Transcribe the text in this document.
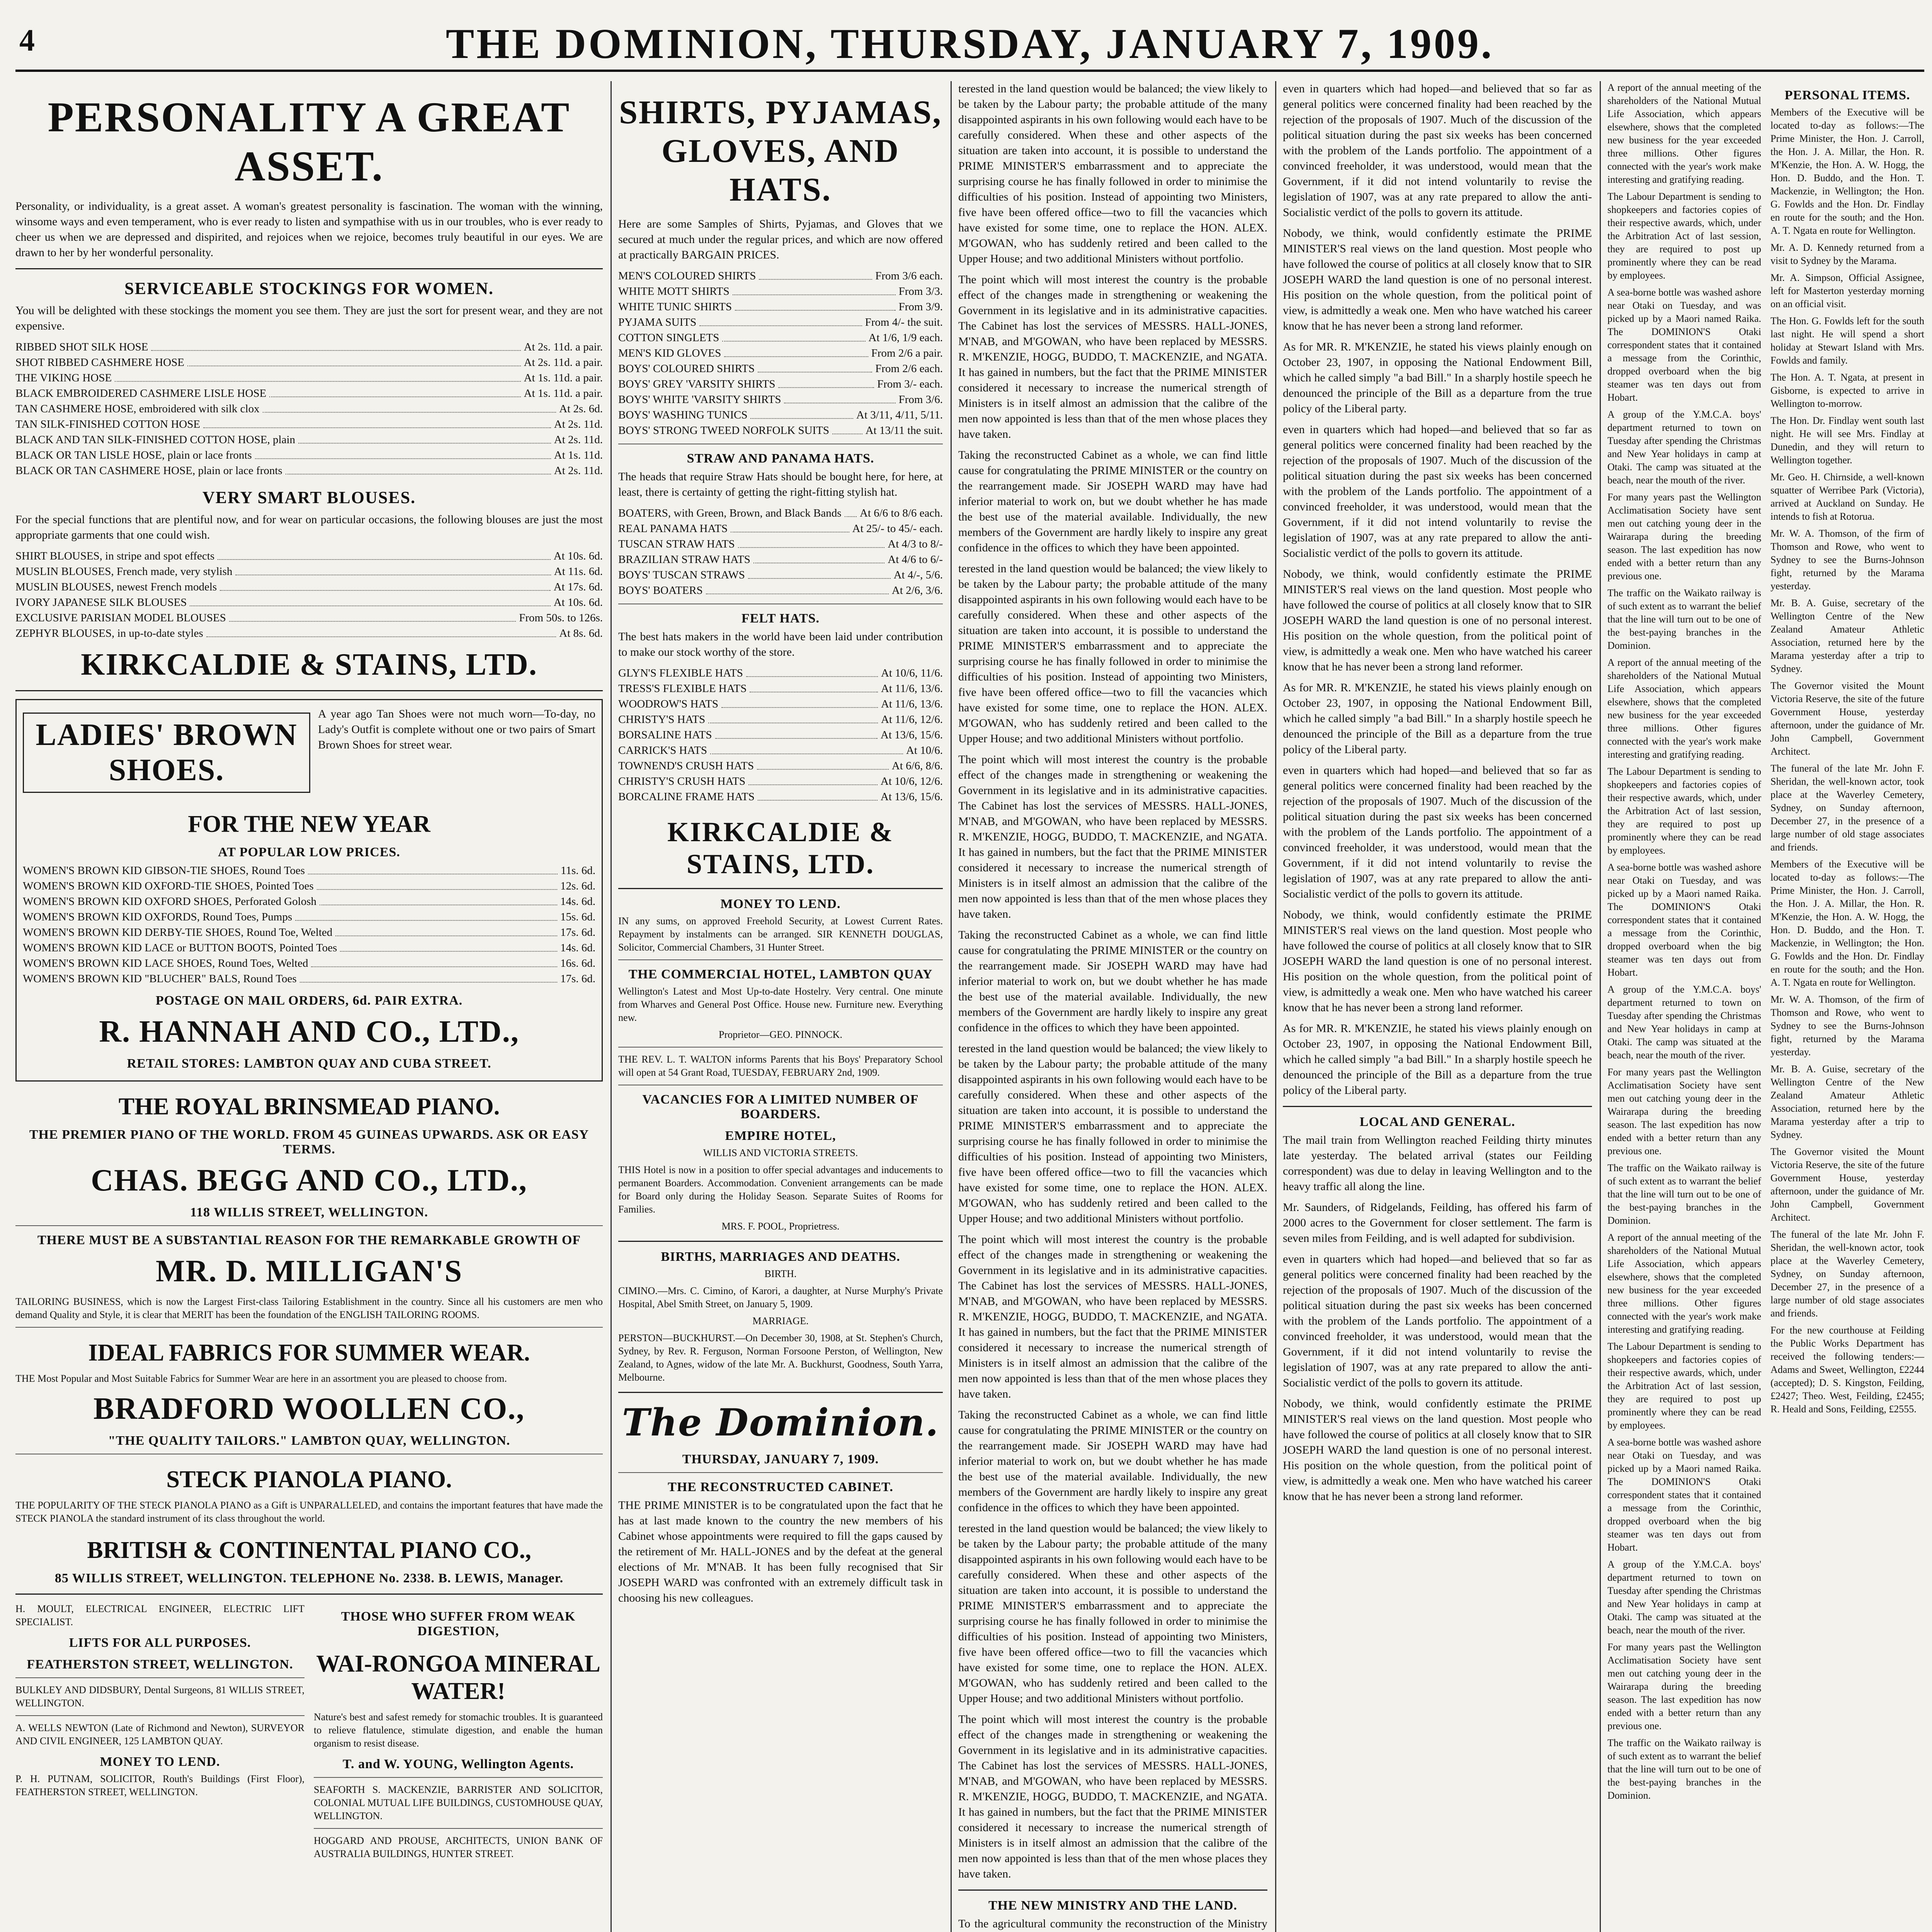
4	THE DOMINION, THURSDAY, JANUARY 7, 1909.
PERSONALITY A GREAT ASSET.

Personality, or individuality, is a great asset. A woman's greatest personality is fascination. The woman with the winning, winsome ways and even temperament, who is ever ready to listen and sympathise with us in our troubles, who is ever ready to cheer us when we are depressed and dispirited, and rejoices when we rejoice, becomes truly beautiful in our eyes. We are drawn to her by her wonderful personality.

SERVICEABLE STOCKINGS FOR WOMEN.

You will be delighted with these stockings the moment you see them. They are just the sort for present wear, and they are not expensive.

RIBBED SHOT SILK HOSE	At 2s. 11d. a pair.
SHOT RIBBED CASHMERE HOSE	At 2s. 11d. a pair.
THE VIKING HOSE	At 1s. 11d. a pair.
BLACK EMBROIDERED CASHMERE LISLE HOSE	At 1s. 11d. a pair.
TAN CASHMERE HOSE, embroidered with silk clox	At 2s. 6d.
TAN SILK-FINISHED COTTON HOSE	At 2s. 11d.
BLACK AND TAN SILK-FINISHED COTTON HOSE, plain	At 2s. 11d.
BLACK OR TAN LISLE HOSE, plain or lace fronts	At 1s. 11d.
BLACK OR TAN CASHMERE HOSE, plain or lace fronts	At 2s. 11d.
VERY SMART BLOUSES.

For the special functions that are plentiful now, and for wear on particular occasions, the following blouses are just the most appropriate garments that one could wish.

SHIRT BLOUSES, in stripe and spot effects	At 10s. 6d.
MUSLIN BLOUSES, French made, very stylish	At 11s. 6d.
MUSLIN BLOUSES, newest French models	At 17s. 6d.
IVORY JAPANESE SILK BLOUSES	At 10s. 6d.
EXCLUSIVE PARISIAN MODEL BLOUSES	From 50s. to 126s.
ZEPHYR BLOUSES, in up-to-date styles	At 8s. 6d.
KIRKCALDIE & STAINS, LTD.
LADIES' BROWN SHOES.

A year ago Tan Shoes were not much worn—To-day, no Lady's Outfit is complete without one or two pairs of Smart Brown Shoes for street wear.

FOR THE NEW YEAR
AT POPULAR LOW PRICES.
WOMEN'S BROWN KID GIBSON-TIE SHOES, Round Toes	11s. 6d.
WOMEN'S BROWN KID OXFORD-TIE SHOES, Pointed Toes	12s. 6d.
WOMEN'S BROWN KID OXFORD SHOES, Perforated Golosh	14s. 6d.
WOMEN'S BROWN KID OXFORDS, Round Toes, Pumps	15s. 6d.
WOMEN'S BROWN KID DERBY-TIE SHOES, Round Toe, Welted	17s. 6d.
WOMEN'S BROWN KID LACE or BUTTON BOOTS, Pointed Toes	14s. 6d.
WOMEN'S BROWN KID LACE SHOES, Round Toes, Welted	16s. 6d.
WOMEN'S BROWN KID "BLUCHER" BALS, Round Toes	17s. 6d.
POSTAGE ON MAIL ORDERS, 6d. PAIR EXTRA.
R. HANNAH AND CO., LTD.,
RETAIL STORES: LAMBTON QUAY AND CUBA STREET.
THE ROYAL BRINSMEAD PIANO.
THE PREMIER PIANO OF THE WORLD. FROM 45 GUINEAS UPWARDS. ASK OR EASY TERMS.
CHAS. BEGG AND CO., LTD.,
118 WILLIS STREET, WELLINGTON.
THERE MUST BE A SUBSTANTIAL REASON FOR THE REMARKABLE GROWTH OF
MR. D. MILLIGAN'S

TAILORING BUSINESS, which is now the Largest First-class Tailoring Establishment in the country. Since all his customers are men who demand Quality and Style, it is clear that MERIT has been the foundation of the ENGLISH TAILORING ROOMS.

IDEAL FABRICS FOR SUMMER WEAR.

THE Most Popular and Most Suitable Fabrics for Summer Wear are here in an assortment you are pleased to choose from.

BRADFORD WOOLLEN CO.,
"THE QUALITY TAILORS." LAMBTON QUAY, WELLINGTON.
STECK PIANOLA PIANO.

THE POPULARITY OF THE STECK PIANOLA PIANO as a Gift is UNPARALLELED, and contains the important features that have made the STECK PIANOLA the standard instrument of its class throughout the world.

BRITISH & CONTINENTAL PIANO CO.,
85 WILLIS STREET, WELLINGTON. TELEPHONE No. 2338. B. LEWIS, Manager.

H. MOULT, ELECTRICAL ENGINEER, ELECTRIC LIFT SPECIALIST.

LIFTS FOR ALL PURPOSES.
FEATHERSTON STREET, WELLINGTON.

BULKLEY AND DIDSBURY, Dental Surgeons, 81 WILLIS STREET, WELLINGTON.

A. WELLS NEWTON (Late of Richmond and Newton), SURVEYOR AND CIVIL ENGINEER, 125 LAMBTON QUAY.

MONEY TO LEND.

P. H. PUTNAM, SOLICITOR, Routh's Buildings (First Floor), FEATHERSTON STREET, WELLINGTON.

THOSE WHO SUFFER FROM WEAK DIGESTION,
WAI-RONGOA MINERAL WATER!

Nature's best and safest remedy for stomachic troubles. It is guaranteed to relieve flatulence, stimulate digestion, and enable the human organism to resist disease.

T. and W. YOUNG, Wellington Agents.

SEAFORTH S. MACKENZIE, BARRISTER AND SOLICITOR, COLONIAL MUTUAL LIFE BUILDINGS, CUSTOMHOUSE QUAY, WELLINGTON.

HOGGARD AND PROUSE, ARCHITECTS, UNION BANK OF AUSTRALIA BUILDINGS, HUNTER STREET.

SHIRTS, PYJAMAS, GLOVES, AND HATS.

Here are some Samples of Shirts, Pyjamas, and Gloves that we secured at much under the regular prices, and which are now offered at practically BARGAIN PRICES.

MEN'S COLOURED SHIRTS	From 3/6 each.
WHITE MOTT SHIRTS	From 3/3.
WHITE TUNIC SHIRTS	From 3/9.
PYJAMA SUITS	From 4/- the suit.
COTTON SINGLETS	At 1/6, 1/9 each.
MEN'S KID GLOVES	From 2/6 a pair.
BOYS' COLOURED SHIRTS	From 2/6 each.
BOYS' GREY 'VARSITY SHIRTS	From 3/- each.
BOYS' WHITE 'VARSITY SHIRTS	From 3/6.
BOYS' WASHING TUNICS	At 3/11, 4/11, 5/11.
BOYS' STRONG TWEED NORFOLK SUITS	At 13/11 the suit.
STRAW AND PANAMA HATS.

The heads that require Straw Hats should be bought here, for here, at least, there is certainty of getting the right-fitting stylish hat.

BOATERS, with Green, Brown, and Black Bands At 6/6 to 8/6 each.
REAL PANAMA HATS	At 25/- to 45/- each.
TUSCAN STRAW HATS	At 4/3 to 8/-
BRAZILIAN STRAW HATS	At 4/6 to 6/-
BOYS' TUSCAN STRAWS	At 4/-, 5/6.
BOYS' BOATERS	At 2/6, 3/6.
FELT HATS.

The best hats makers in the world have been laid under contribution to make our stock worthy of the store.

GLYN'S FLEXIBLE HATS	At 10/6, 11/6.
TRESS'S FLEXIBLE HATS	At 11/6, 13/6.
WOODROW'S HATS	At 11/6, 13/6.
CHRISTY'S HATS	At 11/6, 12/6.
BORSALINE HATS	At 13/6, 15/6.
CARRICK'S HATS	At 10/6.
TOWNEND'S CRUSH HATS	At 6/6, 8/6.
CHRISTY'S CRUSH HATS	At 10/6, 12/6.
BORCALINE FRAME HATS	At 13/6, 15/6.
KIRKCALDIE & STAINS, LTD.
MONEY TO LEND.

IN any sums, on approved Freehold Security, at Lowest Current Rates. Repayment by instalments can be arranged. SIR KENNETH DOUGLAS, Solicitor, Commercial Chambers, 31 Hunter Street.

THE COMMERCIAL HOTEL, LAMBTON QUAY

Wellington's Latest and Most Up-to-date Hostelry. Very central. One minute from Wharves and General Post Office. House new. Furniture new. Everything new.

Proprietor—GEO. PINNOCK.

THE REV. L. T. WALTON informs Parents that his Boys' Preparatory School will open at 54 Grant Road, TUESDAY, FEBRUARY 2nd, 1909.

VACANCIES FOR A LIMITED NUMBER OF BOARDERS.
EMPIRE HOTEL,
WILLIS AND VICTORIA STREETS.

THIS Hotel is now in a position to offer special advantages and inducements to permanent Boarders. Accommodation. Convenient arrangements can be made for Board only during the Holiday Season. Separate Suites of Rooms for Families.

MRS. F. POOL, Proprietress.
BIRTHS, MARRIAGES AND DEATHS.
BIRTH.

CIMINO.—Mrs. C. Cimino, of Karori, a daughter, at Nurse Murphy's Private Hospital, Abel Smith Street, on January 5, 1909.

MARRIAGE.

PERSTON—BUCKHURST.—On December 30, 1908, at St. Stephen's Church, Sydney, by Rev. R. Ferguson, Norman Forsoone Perston, of Wellington, New Zealand, to Agnes, widow of the late Mr. A. Buckhurst, Goodness, South Yarra, Melbourne.

The Dominion.
THURSDAY, JANUARY 7, 1909.
THE RECONSTRUCTED CABINET.

THE PRIME MINISTER is to be congratulated upon the fact that he has at last made known to the country the new members of his Cabinet whose appointments were required to fill the gaps caused by the retirement of Mr. HALL-JONES and by the defeat at the general elections of Mr. M'NAB. It has been fully recognised that Sir JOSEPH WARD was confronted with an extremely difficult task in choosing his new colleagues.

terested in the land question would be balanced; the view likely to be taken by the Labour party; the probable attitude of the many disappointed aspirants in his own following would each have to be carefully considered. When these and other aspects of the situation are taken into account, it is possible to understand the PRIME MINISTER'S embarrassment and to appreciate the surprising course he has finally followed in order to minimise the difficulties of his position. Instead of appointing two Ministers, five have been offered office—two to fill the vacancies which have existed for some time, one to replace the HON. ALEX. M'GOWAN, who has suddenly retired and been called to the Upper House; and two additional Ministers without portfolio.

The point which will most interest the country is the probable effect of the changes made in strengthening or weakening the Government in its legislative and in its administrative capacities. The Cabinet has lost the services of MESSRS. HALL-JONES, M'NAB, and M'GOWAN, who have been replaced by MESSRS. R. M'KENZIE, HOGG, BUDDO, T. MACKENZIE, and NGATA. It has gained in numbers, but the fact that the PRIME MINISTER considered it necessary to increase the numerical strength of Ministers is in itself almost an admission that the calibre of the men now appointed is less than that of the men whose places they have taken.

Taking the reconstructed Cabinet as a whole, we can find little cause for congratulating the PRIME MINISTER or the country on the rearrangement made. Sir JOSEPH WARD may have had inferior material to work on, but we doubt whether he has made the best use of the material available. Individually, the new members of the Government are hardly likely to inspire any great confidence in the offices to which they have been appointed.

terested in the land question would be balanced; the view likely to be taken by the Labour party; the probable attitude of the many disappointed aspirants in his own following would each have to be carefully considered. When these and other aspects of the situation are taken into account, it is possible to understand the PRIME MINISTER'S embarrassment and to appreciate the surprising course he has finally followed in order to minimise the difficulties of his position. Instead of appointing two Ministers, five have been offered office—two to fill the vacancies which have existed for some time, one to replace the HON. ALEX. M'GOWAN, who has suddenly retired and been called to the Upper House; and two additional Ministers without portfolio.

The point which will most interest the country is the probable effect of the changes made in strengthening or weakening the Government in its legislative and in its administrative capacities. The Cabinet has lost the services of MESSRS. HALL-JONES, M'NAB, and M'GOWAN, who have been replaced by MESSRS. R. M'KENZIE, HOGG, BUDDO, T. MACKENZIE, and NGATA. It has gained in numbers, but the fact that the PRIME MINISTER considered it necessary to increase the numerical strength of Ministers is in itself almost an admission that the calibre of the men now appointed is less than that of the men whose places they have taken.

Taking the reconstructed Cabinet as a whole, we can find little cause for congratulating the PRIME MINISTER or the country on the rearrangement made. Sir JOSEPH WARD may have had inferior material to work on, but we doubt whether he has made the best use of the material available. Individually, the new members of the Government are hardly likely to inspire any great confidence in the offices to which they have been appointed.

terested in the land question would be balanced; the view likely to be taken by the Labour party; the probable attitude of the many disappointed aspirants in his own following would each have to be carefully considered. When these and other aspects of the situation are taken into account, it is possible to understand the PRIME MINISTER'S embarrassment and to appreciate the surprising course he has finally followed in order to minimise the difficulties of his position. Instead of appointing two Ministers, five have been offered office—two to fill the vacancies which have existed for some time, one to replace the HON. ALEX. M'GOWAN, who has suddenly retired and been called to the Upper House; and two additional Ministers without portfolio.

The point which will most interest the country is the probable effect of the changes made in strengthening or weakening the Government in its legislative and in its administrative capacities. The Cabinet has lost the services of MESSRS. HALL-JONES, M'NAB, and M'GOWAN, who have been replaced by MESSRS. R. M'KENZIE, HOGG, BUDDO, T. MACKENZIE, and NGATA. It has gained in numbers, but the fact that the PRIME MINISTER considered it necessary to increase the numerical strength of Ministers is in itself almost an admission that the calibre of the men now appointed is less than that of the men whose places they have taken.

Taking the reconstructed Cabinet as a whole, we can find little cause for congratulating the PRIME MINISTER or the country on the rearrangement made. Sir JOSEPH WARD may have had inferior material to work on, but we doubt whether he has made the best use of the material available. Individually, the new members of the Government are hardly likely to inspire any great confidence in the offices to which they have been appointed.

terested in the land question would be balanced; the view likely to be taken by the Labour party; the probable attitude of the many disappointed aspirants in his own following would each have to be carefully considered. When these and other aspects of the situation are taken into account, it is possible to understand the PRIME MINISTER'S embarrassment and to appreciate the surprising course he has finally followed in order to minimise the difficulties of his position. Instead of appointing two Ministers, five have been offered office—two to fill the vacancies which have existed for some time, one to replace the HON. ALEX. M'GOWAN, who has suddenly retired and been called to the Upper House; and two additional Ministers without portfolio.

The point which will most interest the country is the probable effect of the changes made in strengthening or weakening the Government in its legislative and in its administrative capacities. The Cabinet has lost the services of MESSRS. HALL-JONES, M'NAB, and M'GOWAN, who have been replaced by MESSRS. R. M'KENZIE, HOGG, BUDDO, T. MACKENZIE, and NGATA. It has gained in numbers, but the fact that the PRIME MINISTER considered it necessary to increase the numerical strength of Ministers is in itself almost an admission that the calibre of the men now appointed is less than that of the men whose places they have taken.

THE NEW MINISTRY AND THE LAND.

To the agricultural community the reconstruction of the Ministry

even in quarters which had hoped—and believed that so far as general politics were concerned finality had been reached by the rejection of the proposals of 1907. Much of the discussion of the political situation during the past six weeks has been concerned with the problem of the Lands portfolio. The appointment of a convinced freeholder, it was understood, would mean that the Government, if it did not intend voluntarily to revise the legislation of 1907, was at any rate prepared to allow the anti-Socialistic verdict of the polls to govern its attitude.

Nobody, we think, would confidently estimate the PRIME MINISTER'S real views on the land question. Most people who have followed the course of politics at all closely know that to SIR JOSEPH WARD the land question is one of no personal interest. His position on the whole question, from the political point of view, is admittedly a weak one. Men who have watched his career know that he has never been a strong land reformer.

As for MR. R. M'KENZIE, he stated his views plainly enough on October 23, 1907, in opposing the National Endowment Bill, which he called simply "a bad Bill." In a sharply hostile speech he denounced the principle of the Bill as a departure from the true policy of the Liberal party.

even in quarters which had hoped—and believed that so far as general politics were concerned finality had been reached by the rejection of the proposals of 1907. Much of the discussion of the political situation during the past six weeks has been concerned with the problem of the Lands portfolio. The appointment of a convinced freeholder, it was understood, would mean that the Government, if it did not intend voluntarily to revise the legislation of 1907, was at any rate prepared to allow the anti-Socialistic verdict of the polls to govern its attitude.

Nobody, we think, would confidently estimate the PRIME MINISTER'S real views on the land question. Most people who have followed the course of politics at all closely know that to SIR JOSEPH WARD the land question is one of no personal interest. His position on the whole question, from the political point of view, is admittedly a weak one. Men who have watched his career know that he has never been a strong land reformer.

As for MR. R. M'KENZIE, he stated his views plainly enough on October 23, 1907, in opposing the National Endowment Bill, which he called simply "a bad Bill." In a sharply hostile speech he denounced the principle of the Bill as a departure from the true policy of the Liberal party.

even in quarters which had hoped—and believed that so far as general politics were concerned finality had been reached by the rejection of the proposals of 1907. Much of the discussion of the political situation during the past six weeks has been concerned with the problem of the Lands portfolio. The appointment of a convinced freeholder, it was understood, would mean that the Government, if it did not intend voluntarily to revise the legislation of 1907, was at any rate prepared to allow the anti-Socialistic verdict of the polls to govern its attitude.

Nobody, we think, would confidently estimate the PRIME MINISTER'S real views on the land question. Most people who have followed the course of politics at all closely know that to SIR JOSEPH WARD the land question is one of no personal interest. His position on the whole question, from the political point of view, is admittedly a weak one. Men who have watched his career know that he has never been a strong land reformer.

As for MR. R. M'KENZIE, he stated his views plainly enough on October 23, 1907, in opposing the National Endowment Bill, which he called simply "a bad Bill." In a sharply hostile speech he denounced the principle of the Bill as a departure from the true policy of the Liberal party.

LOCAL AND GENERAL.

The mail train from Wellington reached Feilding thirty minutes late yesterday. The belated arrival (states our Feilding correspondent) was due to delay in leaving Wellington and to the heavy traffic all along the line.

Mr. Saunders, of Ridgelands, Feilding, has offered his farm of 2000 acres to the Government for closer settlement. The farm is seven miles from Feilding, and is well adapted for subdivision.

even in quarters which had hoped—and believed that so far as general politics were concerned finality had been reached by the rejection of the proposals of 1907. Much of the discussion of the political situation during the past six weeks has been concerned with the problem of the Lands portfolio. The appointment of a convinced freeholder, it was understood, would mean that the Government, if it did not intend voluntarily to revise the legislation of 1907, was at any rate prepared to allow the anti-Socialistic verdict of the polls to govern its attitude.

Nobody, we think, would confidently estimate the PRIME MINISTER'S real views on the land question. Most people who have followed the course of politics at all closely know that to SIR JOSEPH WARD the land question is one of no personal interest. His position on the whole question, from the political point of view, is admittedly a weak one. Men who have watched his career know that he has never been a strong land reformer.

A report of the annual meeting of the shareholders of the National Mutual Life Association, which appears elsewhere, shows that the completed new business for the year exceeded three millions. Other figures connected with the year's work make interesting and gratifying reading.

The Labour Department is sending to shopkeepers and factories copies of their respective awards, which, under the Arbitration Act of last session, they are required to post up prominently where they can be read by employees.

A sea-borne bottle was washed ashore near Otaki on Tuesday, and was picked up by a Maori named Raika. The DOMINION'S Otaki correspondent states that it contained a message from the Corinthic, dropped overboard when the big steamer was ten days out from Hobart.

A group of the Y.M.C.A. boys' department returned to town on Tuesday after spending the Christmas and New Year holidays in camp at Otaki. The camp was situated at the beach, near the mouth of the river.

For many years past the Wellington Acclimatisation Society have sent men out catching young deer in the Wairarapa during the breeding season. The last expedition has now ended with a better return than any previous one.

The traffic on the Waikato railway is of such extent as to warrant the belief that the line will turn out to be one of the best-paying branches in the Dominion.

A report of the annual meeting of the shareholders of the National Mutual Life Association, which appears elsewhere, shows that the completed new business for the year exceeded three millions. Other figures connected with the year's work make interesting and gratifying reading.

The Labour Department is sending to shopkeepers and factories copies of their respective awards, which, under the Arbitration Act of last session, they are required to post up prominently where they can be read by employees.

A sea-borne bottle was washed ashore near Otaki on Tuesday, and was picked up by a Maori named Raika. The DOMINION'S Otaki correspondent states that it contained a message from the Corinthic, dropped overboard when the big steamer was ten days out from Hobart.

A group of the Y.M.C.A. boys' department returned to town on Tuesday after spending the Christmas and New Year holidays in camp at Otaki. The camp was situated at the beach, near the mouth of the river.

For many years past the Wellington Acclimatisation Society have sent men out catching young deer in the Wairarapa during the breeding season. The last expedition has now ended with a better return than any previous one.

The traffic on the Waikato railway is of such extent as to warrant the belief that the line will turn out to be one of the best-paying branches in the Dominion.

A report of the annual meeting of the shareholders of the National Mutual Life Association, which appears elsewhere, shows that the completed new business for the year exceeded three millions. Other figures connected with the year's work make interesting and gratifying reading.

The Labour Department is sending to shopkeepers and factories copies of their respective awards, which, under the Arbitration Act of last session, they are required to post up prominently where they can be read by employees.

A sea-borne bottle was washed ashore near Otaki on Tuesday, and was picked up by a Maori named Raika. The DOMINION'S Otaki correspondent states that it contained a message from the Corinthic, dropped overboard when the big steamer was ten days out from Hobart.

A group of the Y.M.C.A. boys' department returned to town on Tuesday after spending the Christmas and New Year holidays in camp at Otaki. The camp was situated at the beach, near the mouth of the river.

For many years past the Wellington Acclimatisation Society have sent men out catching young deer in the Wairarapa during the breeding season. The last expedition has now ended with a better return than any previous one.

The traffic on the Waikato railway is of such extent as to warrant the belief that the line will turn out to be one of the best-paying branches in the Dominion.

PERSONAL ITEMS.

Members of the Executive will be located to-day as follows:—The Prime Minister, the Hon. J. Carroll, the Hon. J. A. Millar, the Hon. R. M'Kenzie, the Hon. A. W. Hogg, the Hon. D. Buddo, and the Hon. T. Mackenzie, in Wellington; the Hon. G. Fowlds and the Hon. Dr. Findlay en route for the south; and the Hon. A. T. Ngata en route for Wellington.

Mr. A. D. Kennedy returned from a visit to Sydney by the Marama.

Mr. A. Simpson, Official Assignee, left for Masterton yesterday morning on an official visit.

The Hon. G. Fowlds left for the south last night. He will spend a short holiday at Stewart Island with Mrs. Fowlds and family.

The Hon. A. T. Ngata, at present in Gisborne, is expected to arrive in Wellington to-morrow.

The Hon. Dr. Findlay went south last night. He will see Mrs. Findlay at Dunedin, and they will return to Wellington together.

Mr. Geo. H. Chirnside, a well-known squatter of Werribee Park (Victoria), arrived at Auckland on Sunday. He intends to fish at Rotorua.

Mr. W. A. Thomson, of the firm of Thomson and Rowe, who went to Sydney to see the Burns-Johnson fight, returned by the Marama yesterday.

Mr. B. A. Guise, secretary of the Wellington Centre of the New Zealand Amateur Athletic Association, returned here by the Marama yesterday after a trip to Sydney.

The Governor visited the Mount Victoria Reserve, the site of the future Government House, yesterday afternoon, under the guidance of Mr. John Campbell, Government Architect.

The funeral of the late Mr. John F. Sheridan, the well-known actor, took place at the Waverley Cemetery, Sydney, on Sunday afternoon, December 27, in the presence of a large number of old stage associates and friends.

Members of the Executive will be located to-day as follows:—The Prime Minister, the Hon. J. Carroll, the Hon. J. A. Millar, the Hon. R. M'Kenzie, the Hon. A. W. Hogg, the Hon. D. Buddo, and the Hon. T. Mackenzie, in Wellington; the Hon. G. Fowlds and the Hon. Dr. Findlay en route for the south; and the Hon. A. T. Ngata en route for Wellington.

Mr. W. A. Thomson, of the firm of Thomson and Rowe, who went to Sydney to see the Burns-Johnson fight, returned by the Marama yesterday.

Mr. B. A. Guise, secretary of the Wellington Centre of the New Zealand Amateur Athletic Association, returned here by the Marama yesterday after a trip to Sydney.

The Governor visited the Mount Victoria Reserve, the site of the future Government House, yesterday afternoon, under the guidance of Mr. John Campbell, Government Architect.

The funeral of the late Mr. John F. Sheridan, the well-known actor, took place at the Waverley Cemetery, Sydney, on Sunday afternoon, December 27, in the presence of a large number of old stage associates and friends.

For the new courthouse at Feilding the Public Works Department has received the following tenders:—Adams and Sweet, Wellington, £2244 (accepted); D. S. Kingston, Feilding, £2427; Theo. West, Feilding, £2455; R. Heald and Sons, Feilding, £2555.
